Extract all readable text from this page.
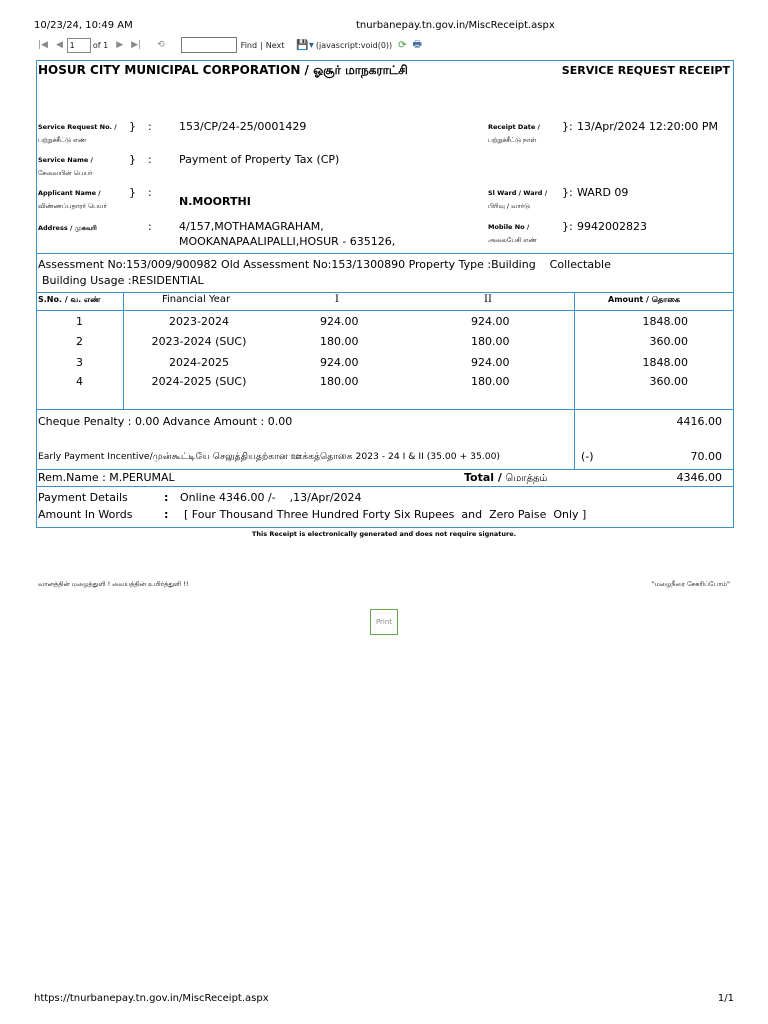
10/23/24, 10:49 AM	tnurbanepay.tn.gov.in/MiscReceipt.aspx
|◀ ◀
1	of 1 ▶ ▶| ⟲	Find | Next 💾▾ (javascript:void(0)) ⟳ 🖶
HOSUR CITY MUNICIPAL CORPORATION / ஓசூர் மாநகராட்சி	SERVICE REQUEST RECEIPT
Service Request No. /
பற்றுச்சீட்டு எண்
} : 153/CP/24-25/0001429
Service Name /
சேவையின் பெயர்
} : Payment of Property Tax (CP)
Applicant Name /
விண்ணப்பதாரர் பெயர்
} :
N.MOORTHI
Address / முகவரி	: 4/157,MOTHAMAGRAHAM,
MOOKANAPAALIPALLI,HOSUR - 635126,
Receipt Date /
பற்றுச்சீட்டு நாள்
} : 13/Apr/2024 12:20:00 PM
Sl Ward / Ward /
பிரிவு / வார்டு
} : WARD 09
Mobile No /
அலைபேசி எண்
} : 9942002823
Assessment No:153/009/900982 Old Assessment No:153/1300890 Property Type :Building    Collectable
Building Usage :RESIDENTIAL
S.No. / வ. எண்	Financial Year	I	II	Amount / தொகை
1	2023-2024	924.00	924.00	1848.00
2	2023-2024 (SUC)	180.00	180.00	360.00
3	2024-2025	924.00	924.00	1848.00
4	2024-2025 (SUC)	180.00	180.00	360.00
Cheque Penalty : 0.00 Advance Amount : 0.00	4416.00
Early Payment Incentive/முன்கூட்டியே செலுத்தியதற்கான ஊக்கத்தொகை 2023 - 24 I & II (35.00 + 35.00)	(-)	70.00
Rem.Name : M.PERUMAL	Total / மொத்தம்	4346.00
Payment Details	: Online 4346.00 /-    ,13/Apr/2024
Amount In Words	: [ Four Thousand Three Hundred Forty Six Rupees  and  Zero Paise  Only ]
This Receipt is electronically generated and does not require signature.
வானத்தின் மழைத்துளி ! வையத்தின் உயிர்த்துளி !!	"மழைநீரை சேகரிப்போம்"
Print
https://tnurbanepay.tn.gov.in/MiscReceipt.aspx	1/1
